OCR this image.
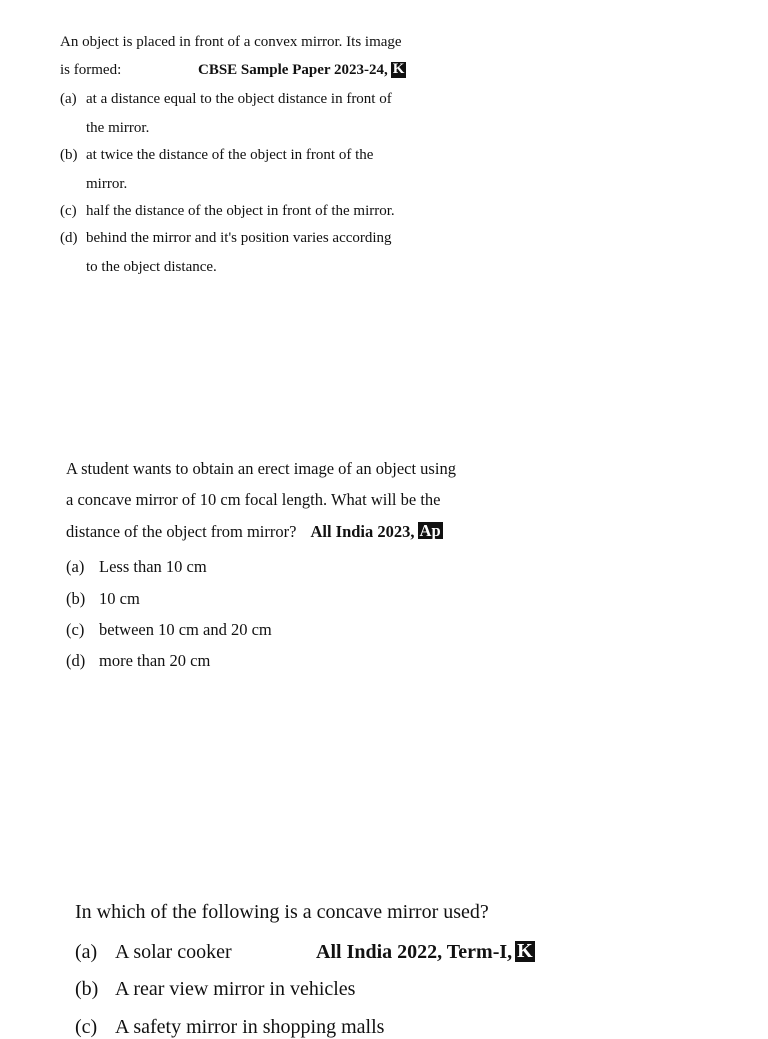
An object is placed in front of a convex mirror. Its image
is formed:	CBSE Sample Paper 2023-24, K
(a) at a distance equal to the object distance in front of
the mirror.
(b) at twice the distance of the object in front of the
mirror.
(c) half the distance of the object in front of the mirror.
(d) behind the mirror and it's position varies according
to the object distance.
A student wants to obtain an erect image of an object using
a concave mirror of 10 cm focal length. What will be the
distance of the object from mirror? All India 2023, Ap
(a) Less than 10 cm
(b) 10 cm
(c) between 10 cm and 20 cm
(d) more than 20 cm
In which of the following is a concave mirror used?
(a) A solar cooker	All India 2022, Term-I, K
(b) A rear view mirror in vehicles
(c) A safety mirror in shopping malls
